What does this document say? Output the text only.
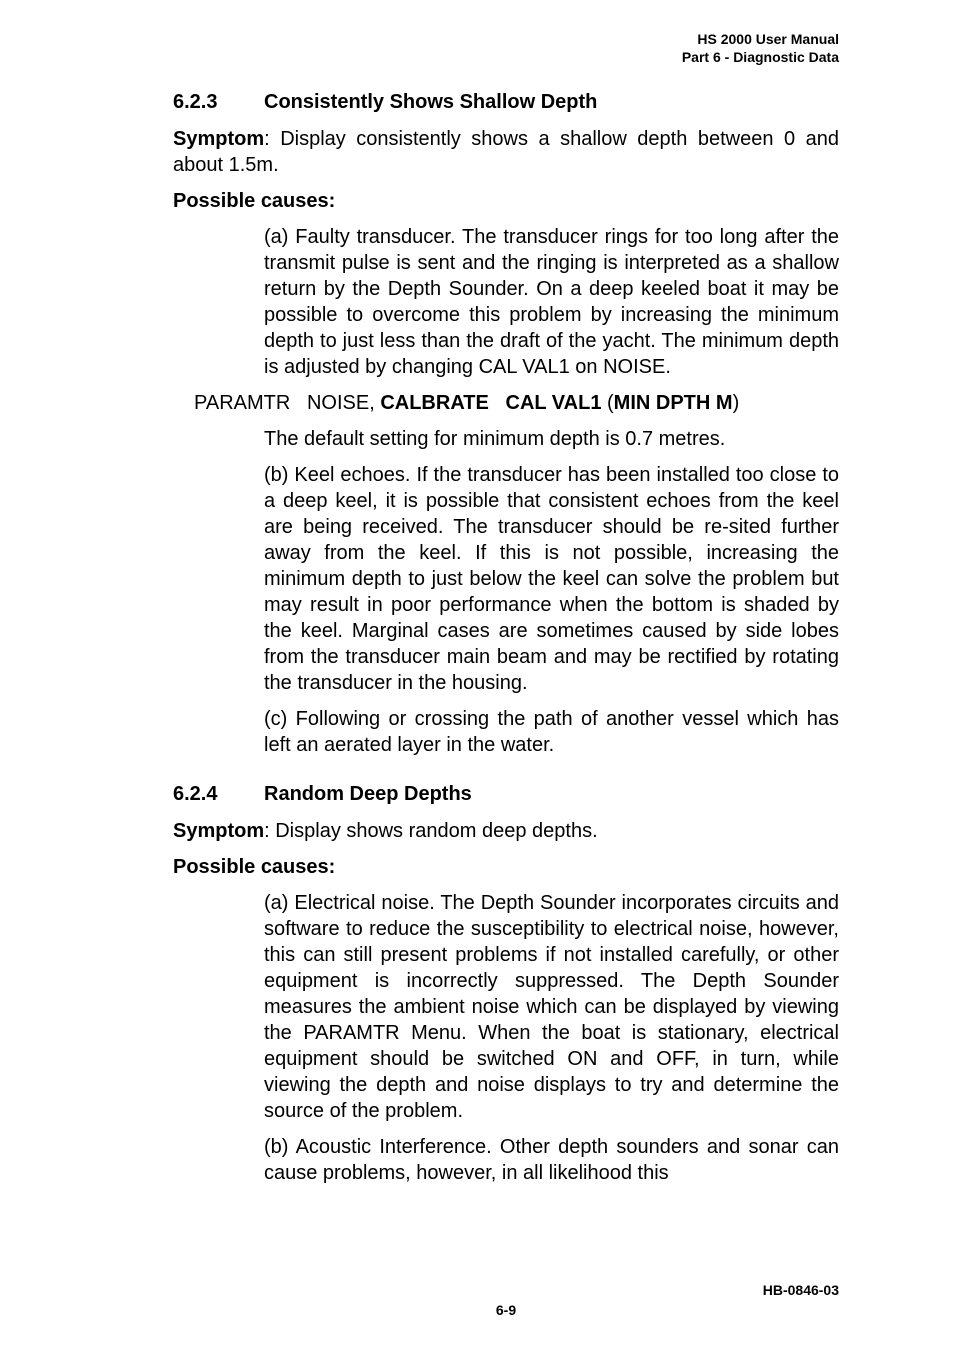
HS 2000 User Manual
Part 6 - Diagnostic Data
6.2.3	Consistently Shows Shallow Depth
Symptom: Display consistently shows a shallow depth between 0 and about 1.5m.
Possible causes:
(a) Faulty transducer. The transducer rings for too long after the transmit pulse is sent and the ringing is interpreted as a shallow return by the Depth Sounder. On a deep keeled boat it may be possible to overcome this problem by increasing the minimum depth to just less than the draft of the yacht. The minimum depth is adjusted by changing CAL VAL1 on NOISE.
PARAMTR   NOISE, CALBRATE   CAL VAL1 (MIN DPTH M)
The default setting for minimum depth is 0.7 metres.
(b) Keel echoes. If the transducer has been installed too close to a deep keel, it is possible that consistent echoes from the keel are being received. The transducer should be re-sited further away from the keel. If this is not possible, increasing the minimum depth to just below the keel can solve the problem but may result in poor performance when the bottom is shaded by the keel. Marginal cases are sometimes caused by side lobes from the transducer main beam and may be rectified by rotating the transducer in the housing.
(c) Following or crossing the path of another vessel which has left an aerated layer in the water.
6.2.4	Random Deep Depths
Symptom: Display shows random deep depths.
Possible causes:
(a) Electrical noise. The Depth Sounder incorporates circuits and software to reduce the susceptibility to electrical noise, however, this can still present problems if not installed carefully, or other equipment is incorrectly suppressed. The Depth Sounder measures the ambient noise which can be displayed by viewing the PARAMTR Menu. When the boat is stationary, electrical equipment should be switched ON and OFF, in turn, while viewing the depth and noise displays to try and determine the source of the problem.
(b) Acoustic Interference. Other depth sounders and sonar can cause problems, however, in all likelihood this
HB-0846-03
6-9
